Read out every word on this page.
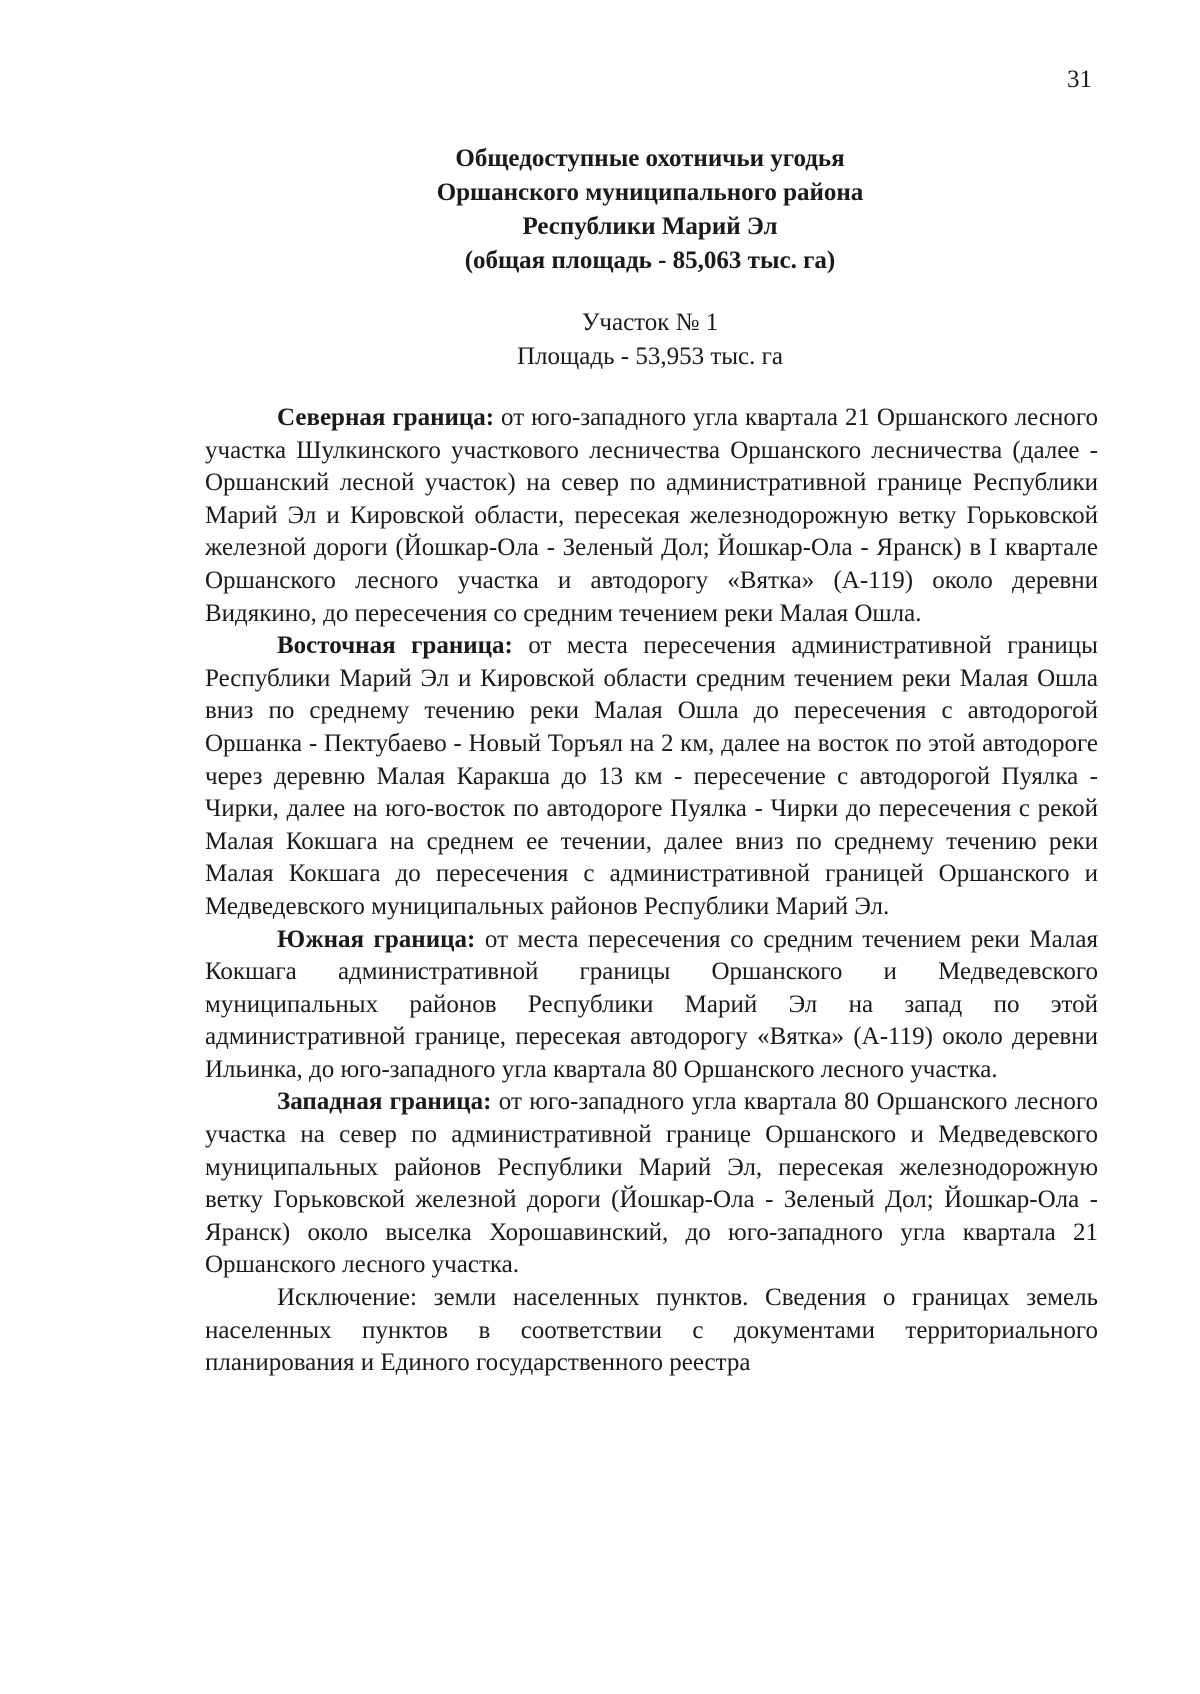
31
Общедоступные охотничьи угодья
Оршанского муниципального района
Республики Марий Эл
(общая площадь - 85,063 тыс. га)
Участок № 1
Площадь - 53,953 тыс. га

Северная граница: от юго-западного угла квартала 21 Оршанского лесного участка Шулкинского участкового лесничества Оршанского лесничества (далее - Оршанский лесной участок) на север по административной границе Республики Марий Эл и Кировской области, пересекая железнодорожную ветку Горьковской железной дороги (Йошкар-Ола - Зеленый Дол; Йошкар-Ола - Яранск) в I квартале Оршанского лесного участка и автодорогу «Вятка» (А-119) около деревни Видякино, до пересечения со средним течением реки Малая Ошла.

Восточная граница: от места пересечения административной границы Республики Марий Эл и Кировской области средним течением реки Малая Ошла вниз по среднему течению реки Малая Ошла до пересечения с автодорогой Оршанка - Пектубаево - Новый Торъял на 2 км, далее на восток по этой автодороге через деревню Малая Каракша до 13 км - пересечение с автодорогой Пуялка - Чирки, далее на юго-восток по автодороге Пуялка - Чирки до пересечения с рекой Малая Кокшага на среднем ее течении, далее вниз по среднему течению реки Малая Кокшага до пересечения с административной границей Оршанского и Медведевского муниципальных районов Республики Марий Эл.

Южная граница: от места пересечения со средним течением реки Малая Кокшага административной границы Оршанского и Медведевского муниципальных районов Республики Марий Эл на запад по этой административной границе, пересекая автодорогу «Вятка» (А-119) около деревни Ильинка, до юго-западного угла квартала 80 Оршанского лесного участка.

Западная граница: от юго-западного угла квартала 80 Оршанского лесного участка на север по административной границе Оршанского и Медведевского муниципальных районов Республики Марий Эл, пересекая железнодорожную ветку Горьковской железной дороги (Йошкар-Ола - Зеленый Дол; Йошкар-Ола - Яранск) около выселка Хорошавинский, до юго-западного угла квартала 21 Оршанского лесного участка.

Исключение: земли населенных пунктов. Сведения о границах земель населенных пунктов в соответствии с документами территориального планирования и Единого государственного реестра
